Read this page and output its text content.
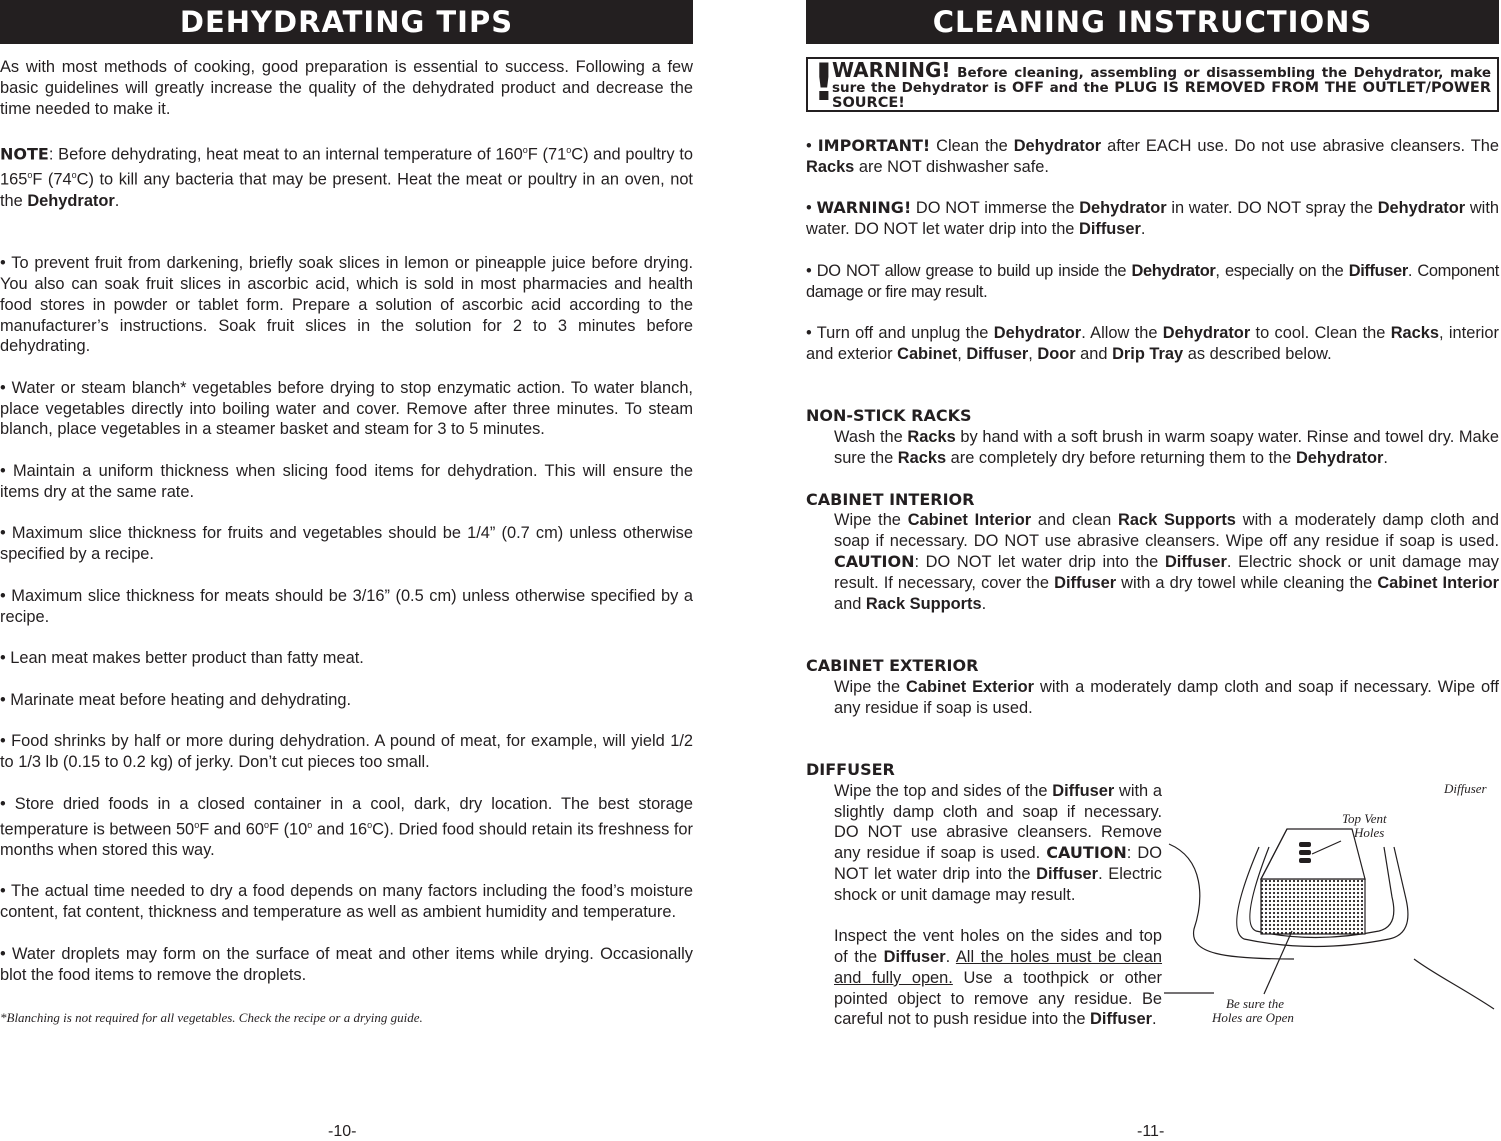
DEHYDRATING TIPS

As with most methods of cooking, good preparation is essential to success. Following a few basic guidelines will greatly increase the quality of the dehydrated product and decrease the time needed to make it.

NOTE: Before dehydrating, heat meat to an internal temperature of 160$^o$F (71$^o$C) and poultry to 165$^o$F (74$^o$C) to kill any bacteria that may be present. Heat the meat or poultry in an oven, not the Dehydrator.

• To prevent fruit from darkening, briefly soak slices in lemon or pineapple juice before drying. You also can soak fruit slices in ascorbic acid, which is sold in most pharmacies and health food stores in powder or tablet form. Prepare a solution of ascorbic acid according to the manufacturer’s instructions. Soak fruit slices in the solution for 2 to 3 minutes before dehydrating.

• Water or steam blanch* vegetables before drying to stop enzymatic action. To water blanch, place vegetables directly into boiling water and cover. Remove after three minutes. To steam blanch, place vegetables in a steamer basket and steam for 3 to 5 minutes.

• Maintain a uniform thickness when slicing food items for dehydration. This will ensure the items dry at the same rate.

• Maximum slice thickness for fruits and vegetables should be 1/4” (0.7 cm) unless otherwise specified by a recipe.

• Maximum slice thickness for meats should be 3/16” (0.5 cm) unless otherwise specified by a recipe.

• Lean meat makes better product than fatty meat.

• Marinate meat before heating and dehydrating.

• Food shrinks by half or more during dehydration. A pound of meat, for example, will yield 1/2 to 1/3 lb (0.15 to 0.2 kg) of jerky. Don’t cut pieces too small.

• Store dried foods in a closed container in a cool, dark, dry location. The best storage temperature is between 50$^o$F and 60$^o$F (10$^o$ and 16$^o$C). Dried food should retain its freshness for months when stored this way.

• The actual time needed to dry a food depends on many factors including the food’s moisture content, fat content, thickness and temperature as well as ambient humidity and temperature.

• Water droplets may form on the surface of meat and other items while drying. Occasionally blot the food items to remove the droplets.

*Blanching is not required for all vegetables. Check the recipe or a drying guide.

-10-
CLEANING INSTRUCTIONS
!
WARNING! Before cleaning, assembling or disassembling the Dehydrator, make sure the Dehydrator is OFF and the PLUG IS REMOVED FROM THE OUTLET/POWER SOURCE!

• IMPORTANT! Clean the Dehydrator after EACH use. Do not use abrasive cleansers. The Racks are NOT dishwasher safe.

• WARNING! DO NOT immerse the Dehydrator in water. DO NOT spray the Dehydrator with water. DO NOT let water drip into the Diffuser.

• DO NOT allow grease to build up inside the Dehydrator, especially on the Diffuser. Component damage or fire may result.

• Turn off and unplug the Dehydrator. Allow the Dehydrator to cool. Clean the Racks, interior and exterior Cabinet, Diffuser, Door and Drip Tray as described below.

NON-STICK RACKS

Wash the Racks by hand with a soft brush in warm soapy water. Rinse and towel dry. Make sure the Racks are completely dry before returning them to the Dehydrator.

CABINET INTERIOR

Wipe the Cabinet Interior and clean Rack Supports with a moderately damp cloth and soap if necessary. DO NOT use abrasive cleansers. Wipe off any residue if soap is used. CAUTION: DO NOT let water drip into the Diffuser. Electric shock or unit damage may result. If necessary, cover the Diffuser with a dry towel while cleaning the Cabinet Interior and Rack Supports.

CABINET EXTERIOR

Wipe the Cabinet Exterior with a moderately damp cloth and soap if necessary. Wipe off any residue if soap is used.

DIFFUSER

Wipe the top and sides of the Diffuser with a slightly damp cloth and soap if necessary. DO NOT use abrasive cleansers. Remove any residue if soap is used. CAUTION: DO NOT let water drip into the Diffuser. Electric shock or unit damage may result.

Inspect the vent holes on the sides and top of the Diffuser. All the holes must be clean and fully open. Use a toothpick or other pointed object to remove any residue. Be careful not to push residue into the Diffuser.

Diffuser
Top Vent
Holes
Be sure the
Holes are Open
-11-
